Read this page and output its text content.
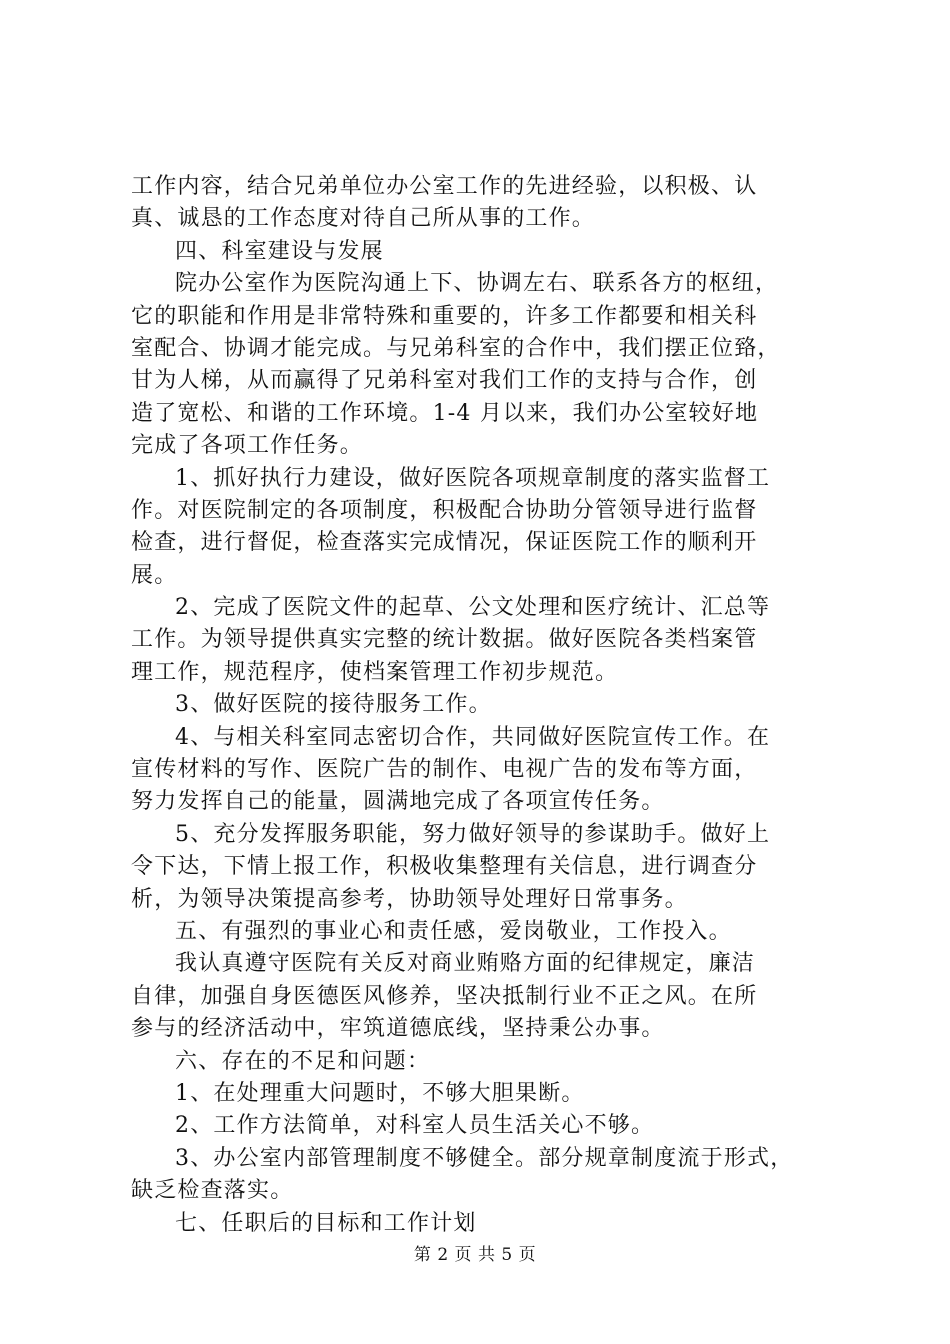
工作内容，结合兄弟单位办公室工作的先进经验，以积极、认
真、诚恳的工作态度对待自己所从事的工作。
四、科室建设与发展
院办公室作为医院沟通上下、协调左右、联系各方的枢纽，
它的职能和作用是非常特殊和重要的，许多工作都要和相关科
室配合、协调才能完成。与兄弟科室的合作中，我们摆正位臵，
甘为人梯，从而赢得了兄弟科室对我们工作的支持与合作，创
造了宽松、和谐的工作环境。1-4 月以来，我们办公室较好地
完成了各项工作任务。
1、抓好执行力建设，做好医院各项规章制度的落实监督工
作。对医院制定的各项制度，积极配合协助分管领导进行监督
检查，进行督促，检查落实完成情况，保证医院工作的顺利开
展。
2、完成了医院文件的起草、公文处理和医疗统计、汇总等
工作。为领导提供真实完整的统计数据。做好医院各类档案管
理工作，规范程序，使档案管理工作初步规范。
3、做好医院的接待服务工作。
4、与相关科室同志密切合作，共同做好医院宣传工作。在
宣传材料的写作、医院广告的制作、电视广告的发布等方面，
努力发挥自己的能量，圆满地完成了各项宣传任务。
5、充分发挥服务职能，努力做好领导的参谋助手。做好上
令下达，下情上报工作，积极收集整理有关信息，进行调查分
析，为领导决策提高参考，协助领导处理好日常事务。
五、有强烈的事业心和责任感，爱岗敬业，工作投入。
我认真遵守医院有关反对商业贿赂方面的纪律规定，廉洁
自律，加强自身医德医风修养，坚决抵制行业不正之风。在所
参与的经济活动中，牢筑道德底线，坚持秉公办事。
六、存在的不足和问题：
1、在处理重大问题时，不够大胆果断。
2、工作方法简单，对科室人员生活关心不够。
3、办公室内部管理制度不够健全。部分规章制度流于形式，
缺乏检查落实。
七、任职后的目标和工作计划
第 2 页 共 5 页
